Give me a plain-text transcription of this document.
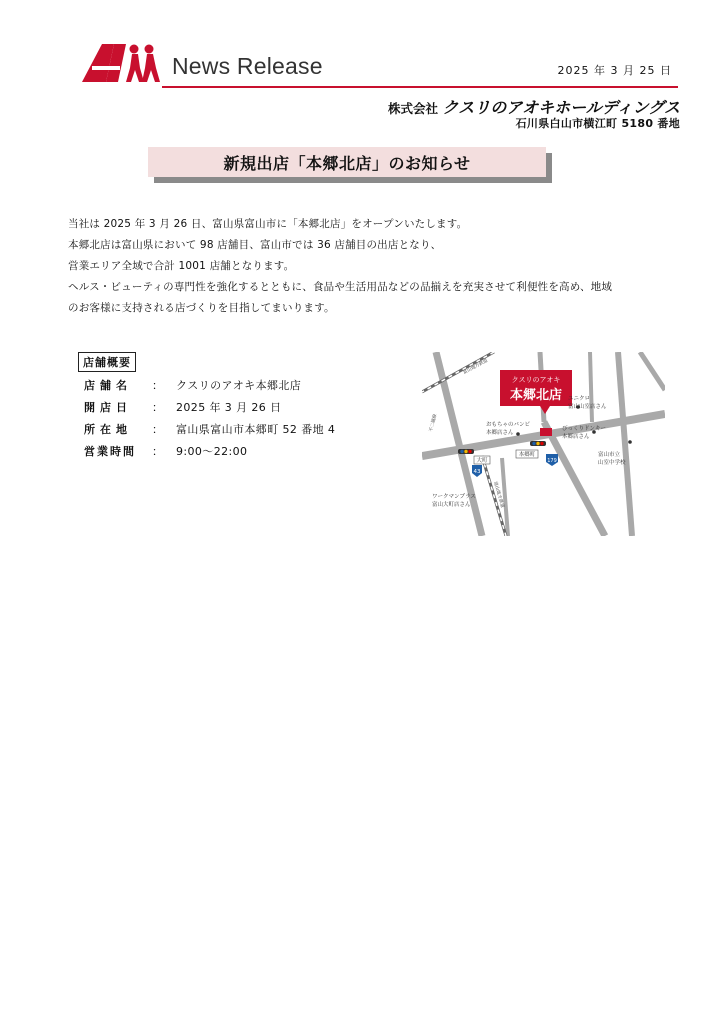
News Release	2025 年 3 月 25 日
株式会社 クスリのアオキホールディングス
石川県白山市横江町 5180 番地
新規出店「本郷北店」のお知らせ

当社は 2025 年 3 月 26 日、富山県富山市に「本郷北店」をオープンいたします。

本郷北店は富山県において 98 店舗目、富山市では 36 店舗目の出店となり、

営業エリア全域で合計 1001 店舗となります。

ヘルス・ビューティの専門性を強化するとともに、食品や生活用品などの品揃えを充実させて利便性を高め、地域

のお客様に支持される店づくりを目指してまいります。

店舗概要
店舗名	：	クスリのアオキ本郷北店
開店日	：	2025 年 3 月 26 日
所在地	：	富山県富山市本郷町 52 番地 4
営業時間	：	9:00～22:00
クスリのアオキ
本郷北店
43
179
ユニクロ
富山山室店さん
おもちゃのバンビ
本郷店さん
びっくりドンキー
本郷店さん
富山市立
山室中学校
ワークマンプラス
富山大町店さん
大町
本郷町
富山地方鉄道
不二越線
富山地方鉄道
